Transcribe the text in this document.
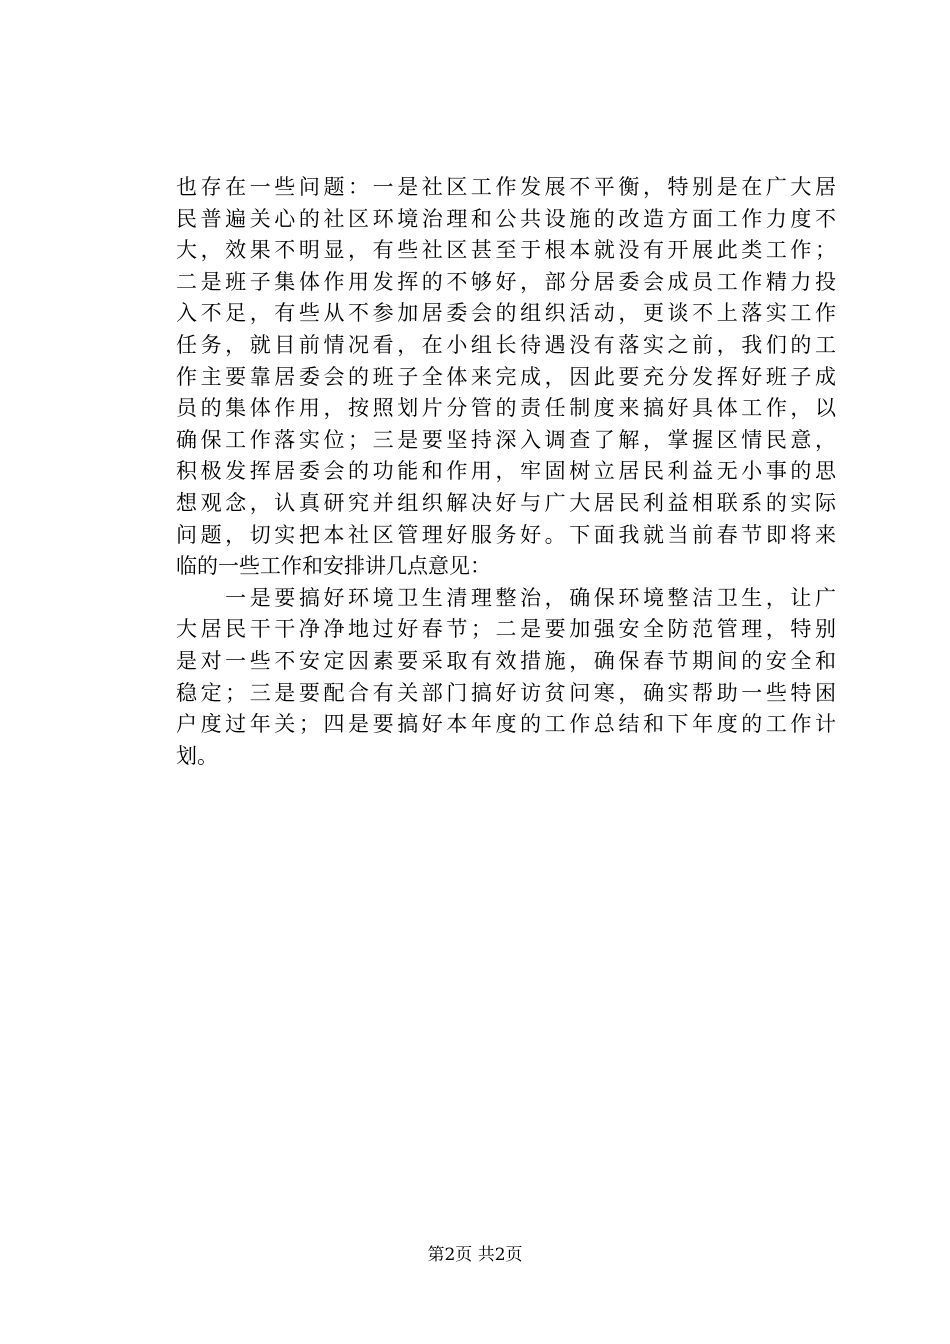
也存在一些问题：一是社区工作发展不平衡，特别是在广大居
民普遍关心的社区环境治理和公共设施的改造方面工作力度不
大，效果不明显，有些社区甚至于根本就没有开展此类工作；
二是班子集体作用发挥的不够好，部分居委会成员工作精力投
入不足，有些从不参加居委会的组织活动，更谈不上落实工作
任务，就目前情况看，在小组长待遇没有落实之前，我们的工
作主要靠居委会的班子全体来完成，因此要充分发挥好班子成
员的集体作用，按照划片分管的责任制度来搞好具体工作，以
确保工作落实位；三是要坚持深入调查了解，掌握区情民意，
积极发挥居委会的功能和作用，牢固树立居民利益无小事的思
想观念，认真研究并组织解决好与广大居民利益相联系的实际
问题，切实把本社区管理好服务好。下面我就当前春节即将来
临的一些工作和安排讲几点意见：
　　一是要搞好环境卫生清理整治，确保环境整洁卫生，让广
大居民干干净净地过好春节；二是要加强安全防范管理，特别
是对一些不安定因素要采取有效措施，确保春节期间的安全和
稳定；三是要配合有关部门搞好访贫问寒，确实帮助一些特困
户度过年关；四是要搞好本年度的工作总结和下年度的工作计
划。
第2页 共2页
